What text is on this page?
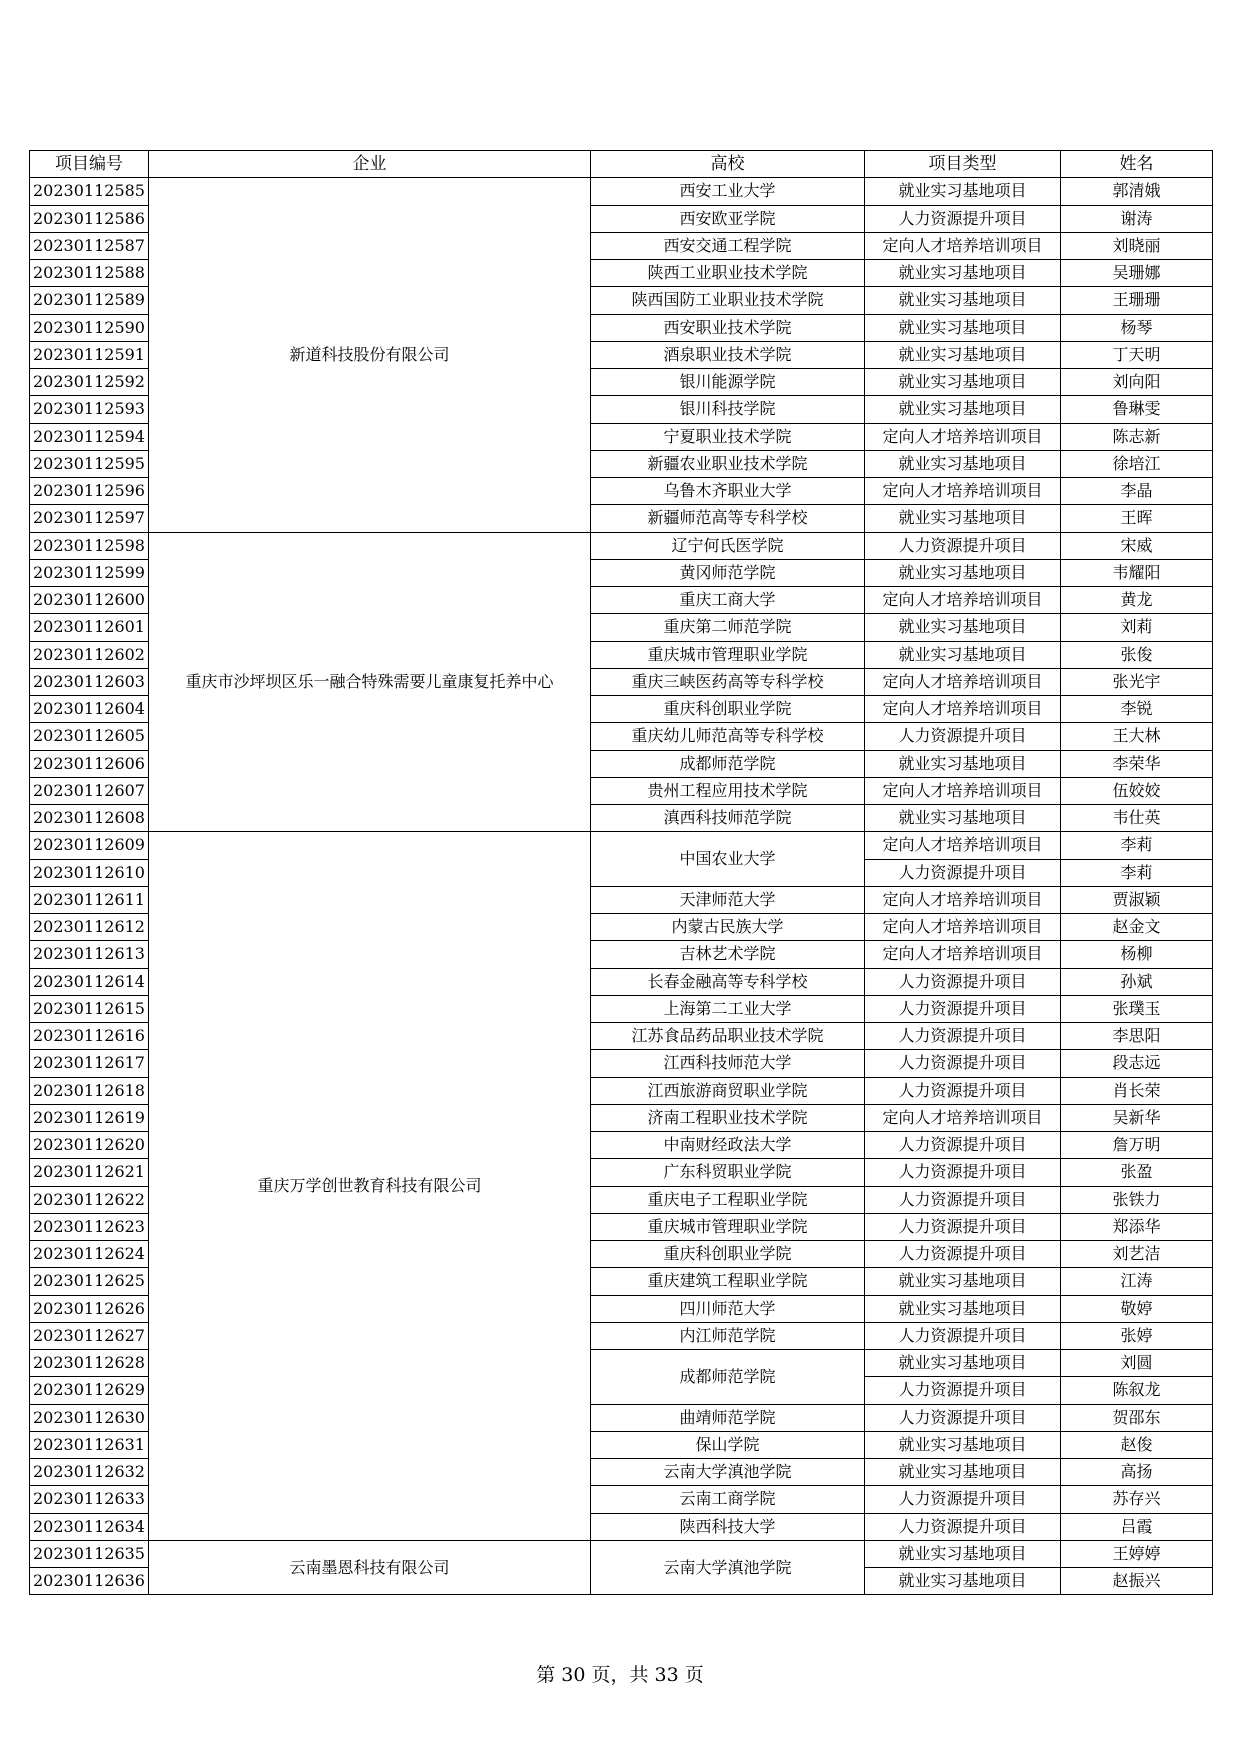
项目编号	企业	高校	项目类型	姓名
20230112585	新道科技股份有限公司	西安工业大学	就业实习基地项目	郭清娥
20230112586		西安欧亚学院	人力资源提升项目	谢涛
20230112587		西安交通工程学院	定向人才培养培训项目	刘晓丽
20230112588		陕西工业职业技术学院	就业实习基地项目	吴珊娜
20230112589		陕西国防工业职业技术学院	就业实习基地项目	王珊珊
20230112590		西安职业技术学院	就业实习基地项目	杨琴
20230112591		酒泉职业技术学院	就业实习基地项目	丁天明
20230112592		银川能源学院	就业实习基地项目	刘向阳
20230112593		银川科技学院	就业实习基地项目	鲁琳雯
20230112594		宁夏职业技术学院	定向人才培养培训项目	陈志新
20230112595		新疆农业职业技术学院	就业实习基地项目	徐培江
20230112596		乌鲁木齐职业大学	定向人才培养培训项目	李晶
20230112597		新疆师范高等专科学校	就业实习基地项目	王晖
20230112598	重庆市沙坪坝区乐一融合特殊需要儿童康复托养中心	辽宁何氏医学院	人力资源提升项目	宋威
20230112599		黄冈师范学院	就业实习基地项目	韦耀阳
20230112600		重庆工商大学	定向人才培养培训项目	黄龙
20230112601		重庆第二师范学院	就业实习基地项目	刘莉
20230112602		重庆城市管理职业学院	就业实习基地项目	张俊
20230112603		重庆三峡医药高等专科学校	定向人才培养培训项目	张光宇
20230112604		重庆科创职业学院	定向人才培养培训项目	李锐
20230112605		重庆幼儿师范高等专科学校	人力资源提升项目	王大林
20230112606		成都师范学院	就业实习基地项目	李荣华
20230112607		贵州工程应用技术学院	定向人才培养培训项目	伍姣姣
20230112608		滇西科技师范学院	就业实习基地项目	韦仕英
20230112609	重庆万学创世教育科技有限公司	中国农业大学	定向人才培养培训项目	李莉
20230112610			人力资源提升项目	李莉
20230112611		天津师范大学	定向人才培养培训项目	贾淑颖
20230112612		内蒙古民族大学	定向人才培养培训项目	赵金文
20230112613		吉林艺术学院	定向人才培养培训项目	杨柳
20230112614		长春金融高等专科学校	人力资源提升项目	孙斌
20230112615		上海第二工业大学	人力资源提升项目	张璞玉
20230112616		江苏食品药品职业技术学院	人力资源提升项目	李思阳
20230112617		江西科技师范大学	人力资源提升项目	段志远
20230112618		江西旅游商贸职业学院	人力资源提升项目	肖长荣
20230112619		济南工程职业技术学院	定向人才培养培训项目	吴新华
20230112620		中南财经政法大学	人力资源提升项目	詹万明
20230112621		广东科贸职业学院	人力资源提升项目	张盈
20230112622		重庆电子工程职业学院	人力资源提升项目	张铁力
20230112623		重庆城市管理职业学院	人力资源提升项目	郑添华
20230112624		重庆科创职业学院	人力资源提升项目	刘艺洁
20230112625		重庆建筑工程职业学院	就业实习基地项目	江涛
20230112626		四川师范大学	就业实习基地项目	敬婷
20230112627		内江师范学院	人力资源提升项目	张婷
20230112628		成都师范学院	就业实习基地项目	刘圆
20230112629			人力资源提升项目	陈叙龙
20230112630		曲靖师范学院	人力资源提升项目	贺邵东
20230112631		保山学院	就业实习基地项目	赵俊
20230112632		云南大学滇池学院	就业实习基地项目	高扬
20230112633		云南工商学院	人力资源提升项目	苏存兴
20230112634		陕西科技大学	人力资源提升项目	吕霞
20230112635	云南墨恩科技有限公司	云南大学滇池学院	就业实习基地项目	王婷婷
20230112636			就业实习基地项目	赵振兴
第 30 页，共 33 页
